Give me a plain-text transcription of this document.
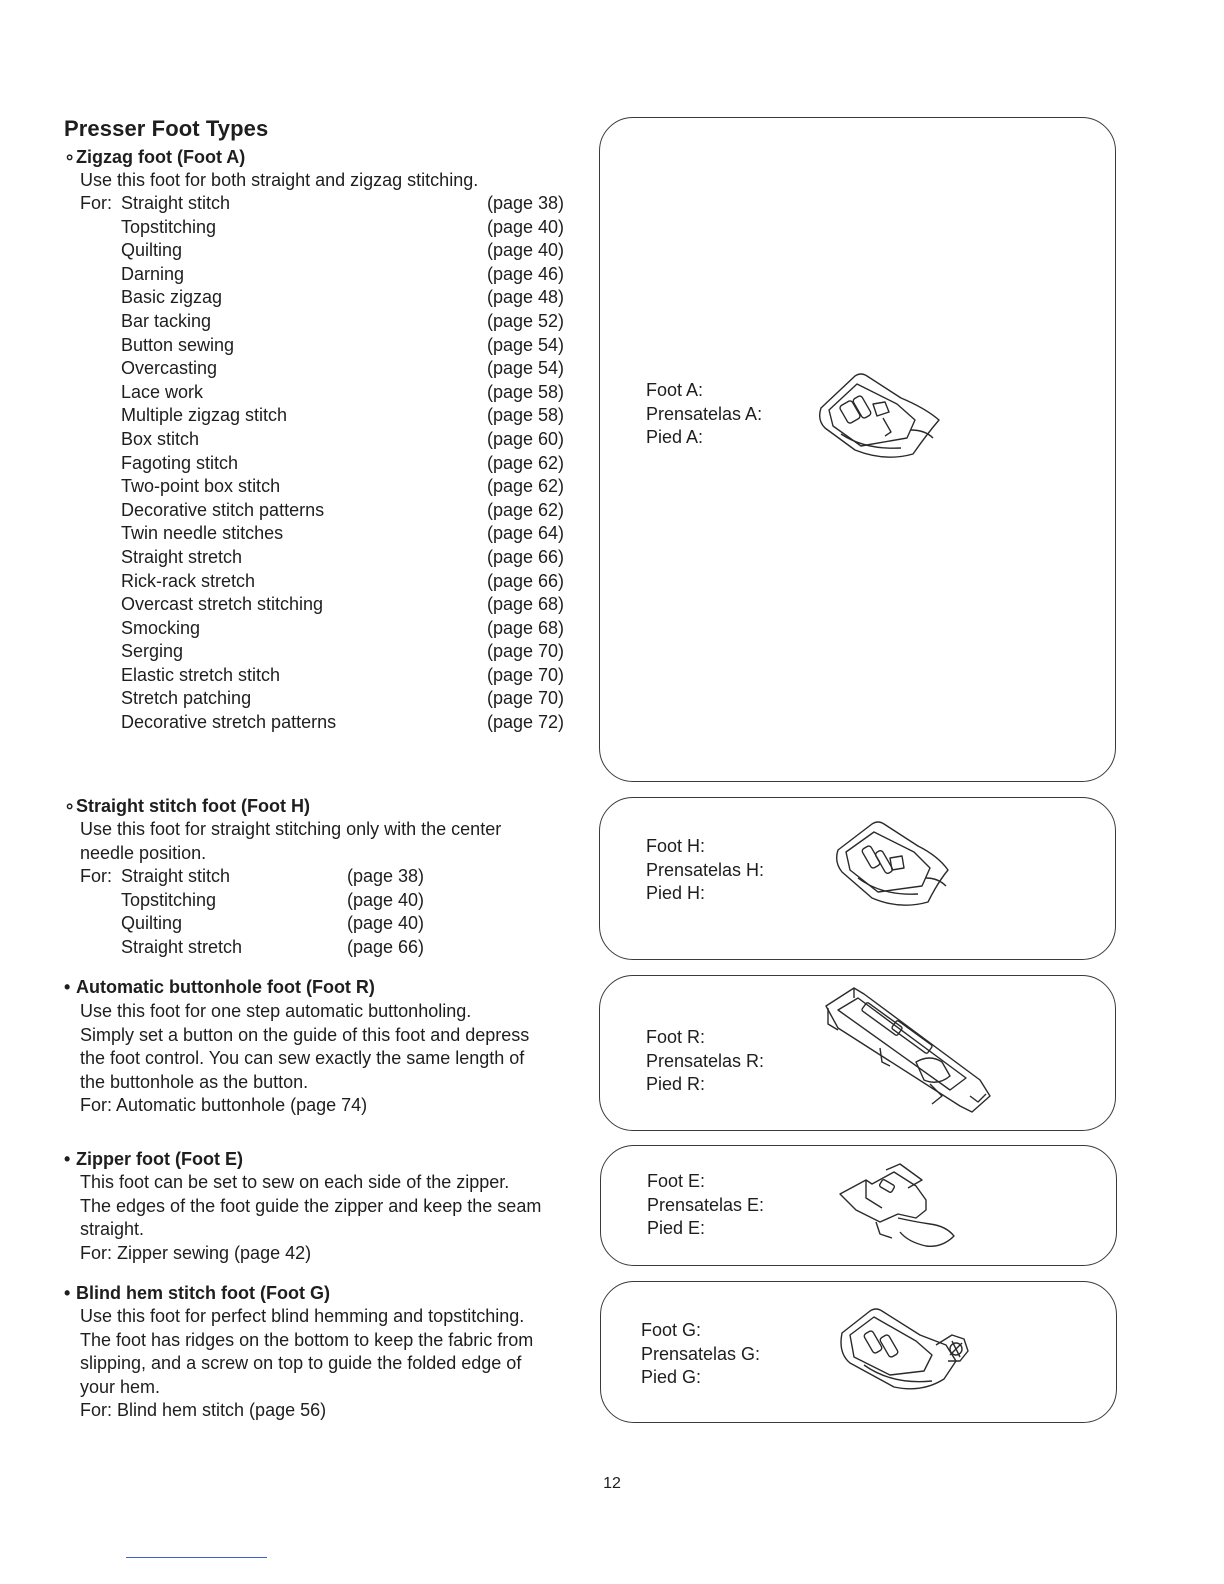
Presser Foot Types
∘Zigzag foot (Foot A)
Use this foot for both straight and zigzag stitching.
For: Straight stitch	(page 38)
Topstitching	(page 40)
Quilting	(page 40)
Darning	(page 46)
Basic zigzag	(page 48)
Bar tacking	(page 52)
Button sewing	(page 54)
Overcasting	(page 54)
Lace work	(page 58)
Multiple zigzag stitch	(page 58)
Box stitch	(page 60)
Fagoting stitch	(page 62)
Two-point box stitch	(page 62)
Decorative stitch patterns	(page 62)
Twin needle stitches	(page 64)
Straight stretch	(page 66)
Rick-rack stretch	(page 66)
Overcast stretch stitching	(page 68)
Smocking	(page 68)
Serging	(page 70)
Elastic stretch stitch	(page 70)
Stretch patching	(page 70)
Decorative stretch patterns	(page 72)
Foot A:
Prensatelas A:
Pied A:
∘Straight stitch foot (Foot H)
Use this foot for straight stitching only with the center
needle position.
For: Straight stitch	(page 38)
Topstitching	(page 40)
Quilting	(page 40)
Straight stretch	(page 66)
Foot H:
Prensatelas H:
Pied H:
• Automatic buttonhole foot (Foot R)
Use this foot for one step automatic buttonholing.
Simply set a button on the guide of this foot and depress
the foot control. You can sew exactly the same length of
the buttonhole as the button.
For: Automatic buttonhole (page 74)
Foot R:
Prensatelas R:
Pied R:
• Zipper foot (Foot E)
This foot can be set to sew on each side of the zipper.
The edges of the foot guide the zipper and keep the seam
straight.
For: Zipper sewing (page 42)
Foot E:
Prensatelas E:
Pied E:
• Blind hem stitch foot (Foot G)
Use this foot for perfect blind hemming and topstitching.
The foot has ridges on the bottom to keep the fabric from
slipping, and a screw on top to guide the folded edge of
your hem.
For: Blind hem stitch (page 56)
Foot G:
Prensatelas G:
Pied G:
12
